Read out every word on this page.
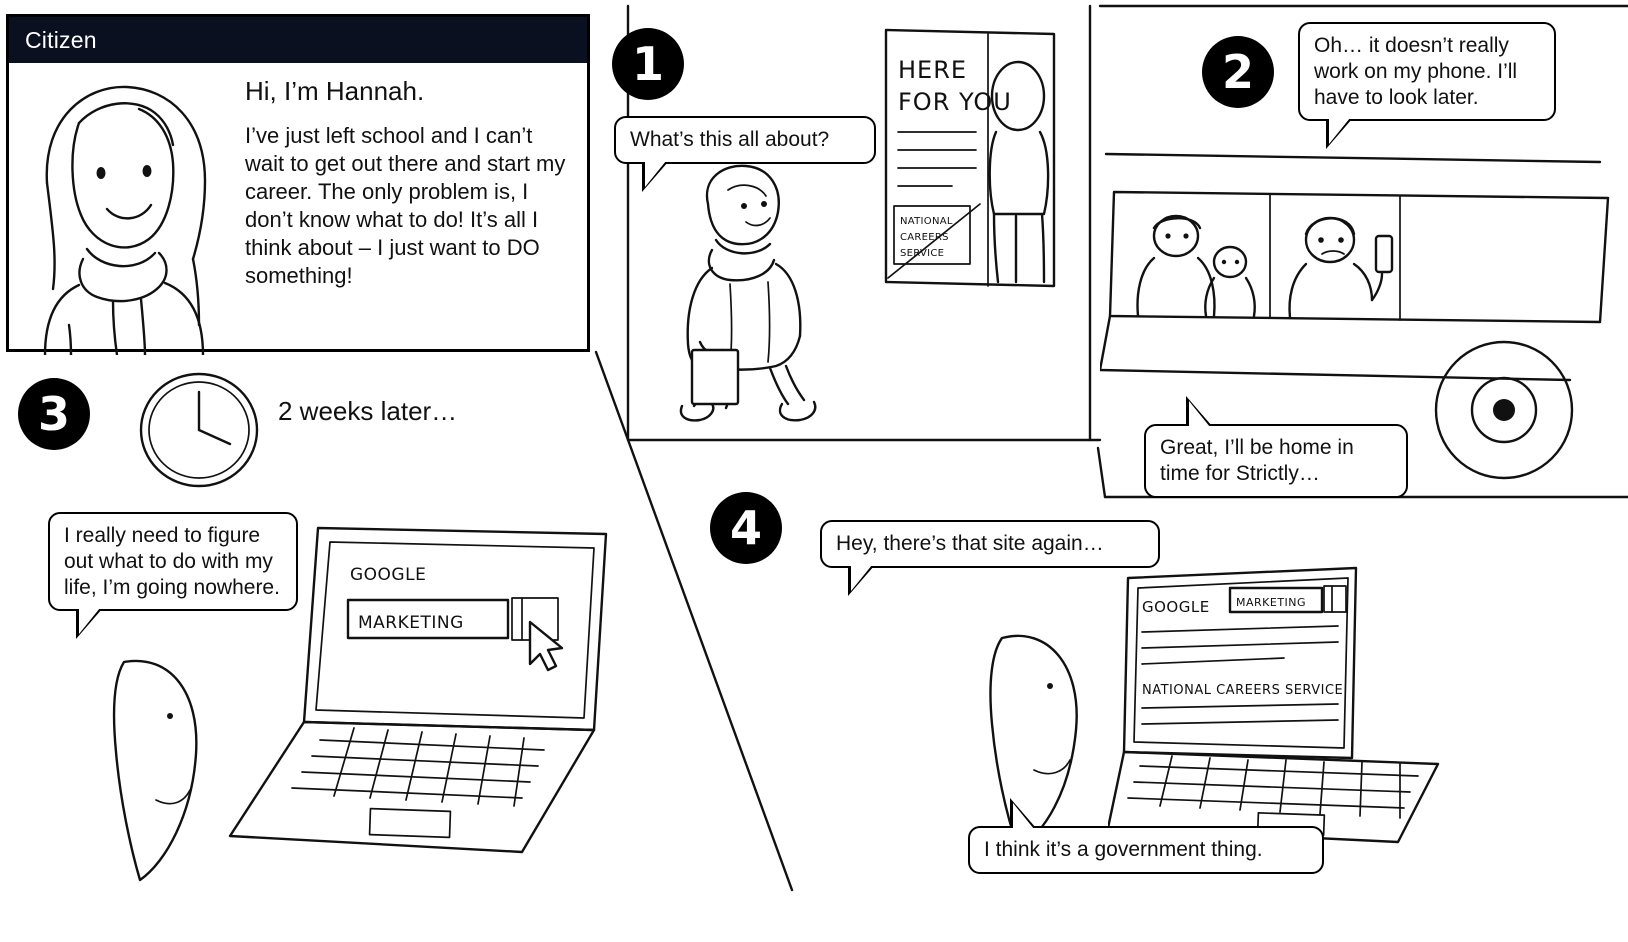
Citizen

Hi, I’m Hannah.

I’ve just left school and I can’t wait to get out there and start my career. The only problem is, I don’t know what to do! It’s all I think about – I just want to DO something!

1
What’s this all about?
HERE
FOR YOU
NATIONAL
CAREERS
SERVICE
2	Oh… it doesn’t really work on my phone. I’ll have to look later.
Great, I’ll be home in time for Strictly…
3	2 weeks later…
I really need to figure out what to do with my life, I’m going nowhere.
GOOGLE
MARKETING
4	Hey, there’s that site again…
GOOGLE MARKETING
NATIONAL CAREERS SERVICE
I think it’s a government thing.
